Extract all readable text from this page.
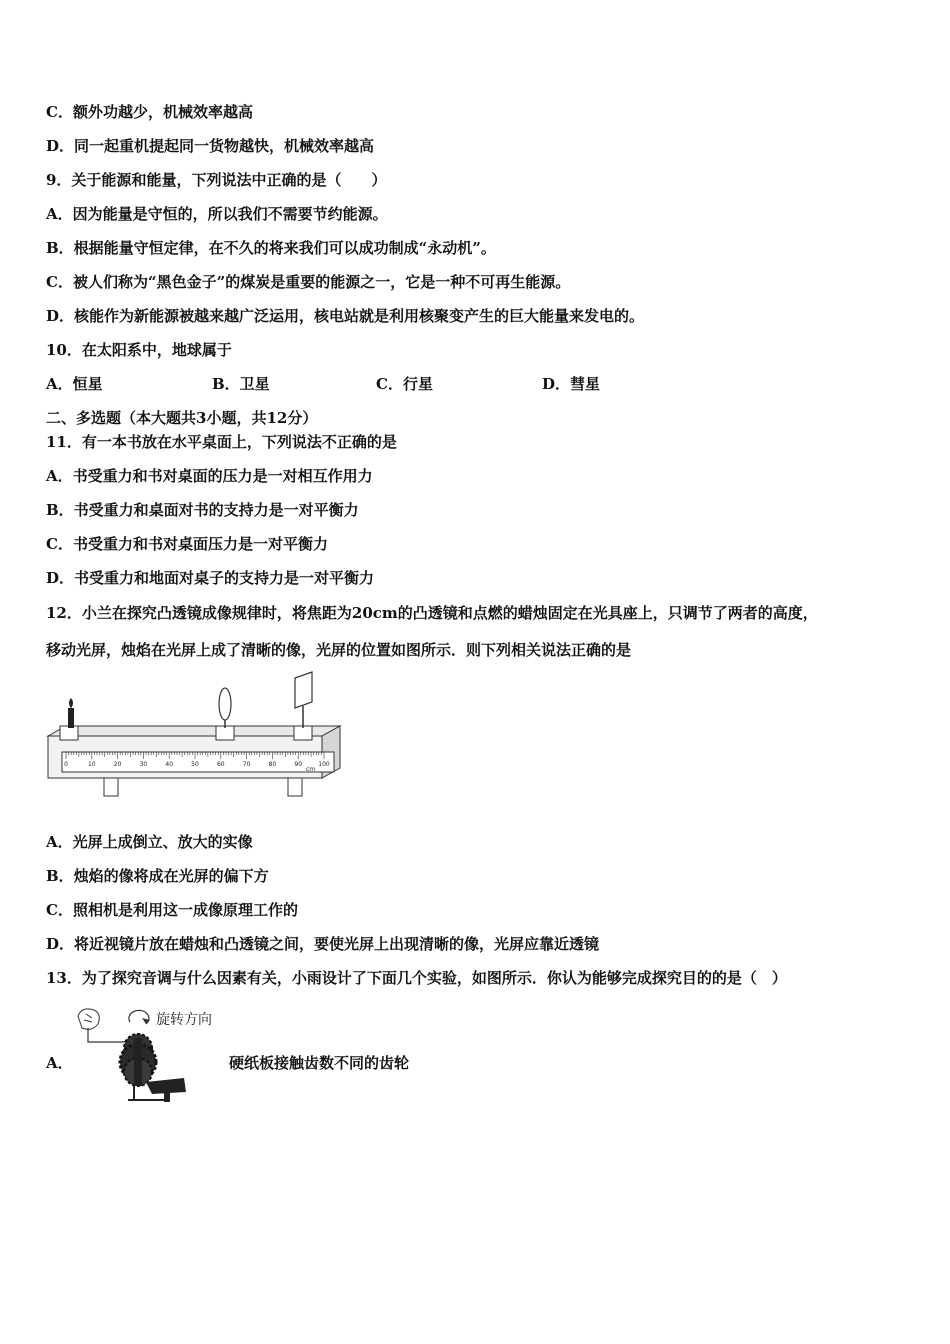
C．额外功越少，机械效率越高
D．同一起重机提起同一货物越快，机械效率越高
9．关于能源和能量，下列说法中正确的是（　　）
A．因为能量是守恒的，所以我们不需要节约能源。
B．根据能量守恒定律，在不久的将来我们可以成功制成“永动机”。
C．被人们称为“黑色金子”的煤炭是重要的能源之一，它是一种不可再生能源。
D．核能作为新能源被越来越广泛运用，核电站就是利用核聚变产生的巨大能量来发电的。
10．在太阳系中，地球属于
A．恒星	B．卫星	C．行星	D．彗星
二、多选题（本大题共3小题，共12分）
11．有一本书放在水平桌面上，下列说法不正确的是
A．书受重力和书对桌面的压力是一对相互作用力
B．书受重力和桌面对书的支持力是一对平衡力
C．书受重力和书对桌面压力是一对平衡力
D．书受重力和地面对桌子的支持力是一对平衡力
12．小兰在探究凸透镜成像规律时，将焦距为20cm的凸透镜和点燃的蜡烛固定在光具座上，只调节了两者的高度，
移动光屏，烛焰在光屏上成了清晰的像，光屏的位置如图所示．则下列相关说法正确的是
0	10	20	30	40	50	60	70	80	90	100
cm
A．光屏上成倒立、放大的实像
B．烛焰的像将成在光屏的偏下方
C．照相机是利用这一成像原理工作的
D．将近视镜片放在蜡烛和凸透镜之间，要使光屏上出现清晰的像，光屏应靠近透镜
13．为了探究音调与什么因素有关，小雨设计了下面几个实验，如图所示．你认为能够完成探究目的的是（　）
A．
旋转方向
硬纸板接触齿数不同的齿轮
